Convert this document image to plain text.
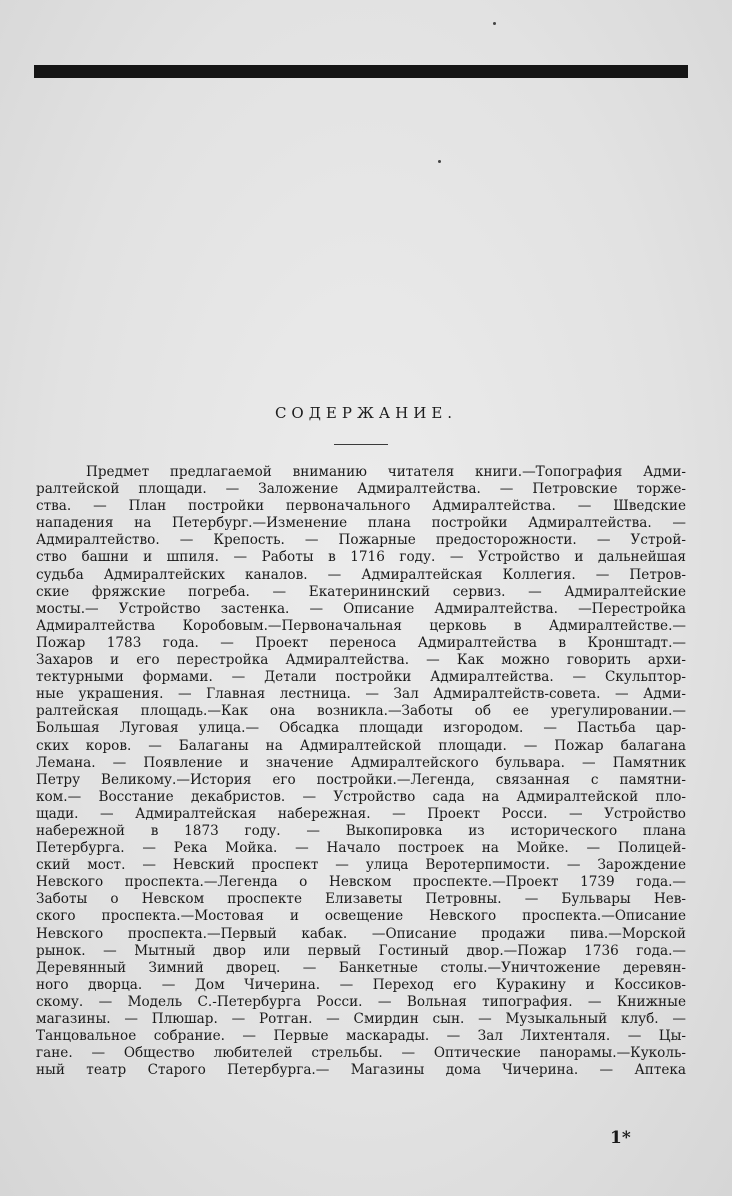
СОДЕРЖАНИЕ.
Предмет предлагаемой вниманию читателя книги.—Топография Адми-
ралтейской площади. — Заложение Адмиралтейства. — Петровские торже-
ства. — План постройки первоначального Адмиралтейства. — Шведские
нападения на Петербург.—Изменение плана постройки Адмиралтейства. —
Адмиралтейство. — Крепость. — Пожарные предосторожности. — Устрой-
ство башни и шпиля. — Работы в 1716 году. — Устройство и дальнейшая
судьба Адмиралтейских каналов. — Адмиралтейская Коллегия. — Петров-
ские фряжские погреба. — Екатерининский сервиз. — Адмиралтейские
мосты.— Устройство застенка. — Описание Адмиралтейства. —Перестройка
Адмиралтейства Коробовым.—Первоначальная церковь в Адмиралтействе.—
Пожар 1783 года. — Проект переноса Адмиралтейства в Кронштадт.—
Захаров и его перестройка Адмиралтейства. — Как можно говорить архи-
тектурными формами. — Детали постройки Адмиралтейства. — Скульптор-
ные украшения. — Главная лестница. — Зал Адмиралтейств-совета. — Адми-
ралтейская площадь.—Как она возникла.—Заботы об ее урегулировании.—
Большая Луговая улица.— Обсадка площади изгородом. — Пастьба цар-
ских коров. — Балаганы на Адмиралтейской площади. — Пожар балагана
Лемана. — Появление и значение Адмиралтейского бульвара. — Памятник
Петру Великому.—История его постройки.—Легенда, связанная с памятни-
ком.— Восстание декабристов. — Устройство сада на Адмиралтейской пло-
щади. — Адмиралтейская набережная. — Проект Росси. — Устройство
набережной в 1873 году. — Выкопировка из исторического плана
Петербурга. — Река Мойка. — Начало построек на Мойке. — Полицей-
ский мост. — Невский проспект — улица Веротерпимости. — Зарождение
Невского проспекта.—Легенда о Невском проспекте.—Проект 1739 года.—
Заботы о Невском проспекте Елизаветы Петровны. — Бульвары Нев-
ского проспекта.—Мостовая и освещение Невского проспекта.—Описание
Невского проспекта.—Первый кабак. —Описание продажи пива.—Морской
рынок. — Мытный двор или первый Гостиный двор.—Пожар 1736 года.—
Деревянный Зимний дворец. — Банкетные столы.—Уничтожение деревян-
ного дворца. — Дом Чичерина. — Переход его Куракину и Коссиков-
скому. — Модель С.-Петербурга Росси. — Вольная типография. — Книжные
магазины. — Плюшар. — Ротган. — Смирдин сын. — Музыкальный клуб. —
Танцовальное собрание. — Первые маскарады. — Зал Лихтенталя. — Цы-
гане. — Общество любителей стрельбы. — Оптические панорамы.—Куколь-
ный театр Старого Петербурга.— Магазины дома Чичерина. — Аптека
1*
